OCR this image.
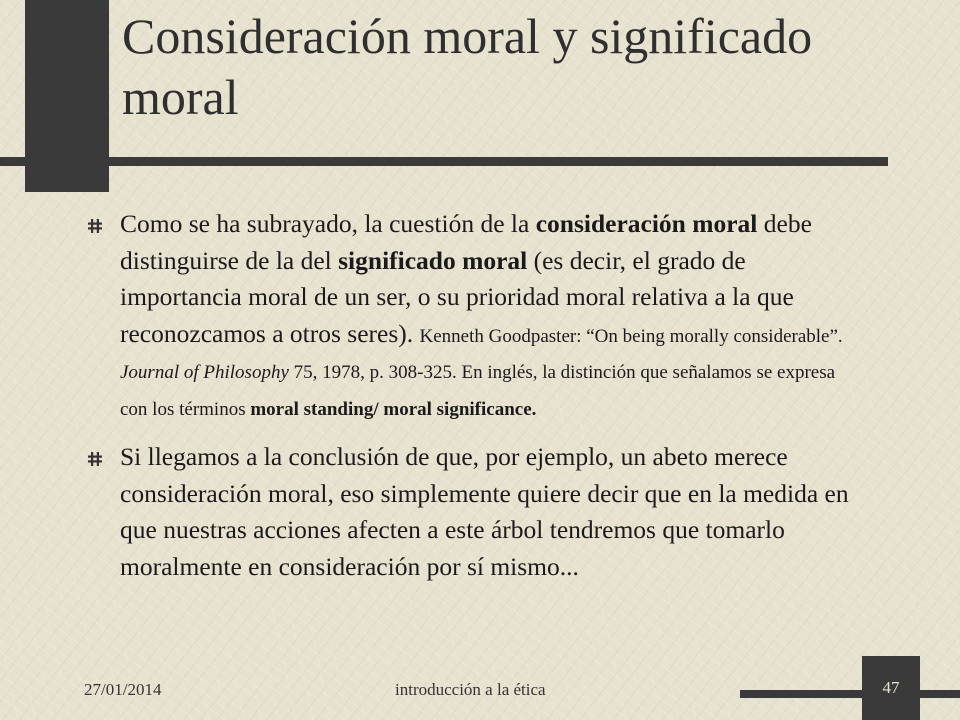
Consideración moral y significado moral
Como se ha subrayado, la cuestión de la consideración moral debe distinguirse de la del significado moral (es decir, el grado de importancia moral de un ser, o su prioridad moral relativa a la que reconozcamos a otros seres). Kenneth Goodpaster: “On being morally considerable”. Journal of Philosophy 75, 1978, p. 308-325. En inglés, la distinción que señalamos se expresa con los términos moral standing/ moral significance.
Si llegamos a la conclusión de que, por ejemplo, un abeto merece consideración moral, eso simplemente quiere decir que en la medida en que nuestras acciones afecten a este árbol tendremos que tomarlo moralmente en consideración por sí mismo...
27/01/2014	introducción a la ética	47
